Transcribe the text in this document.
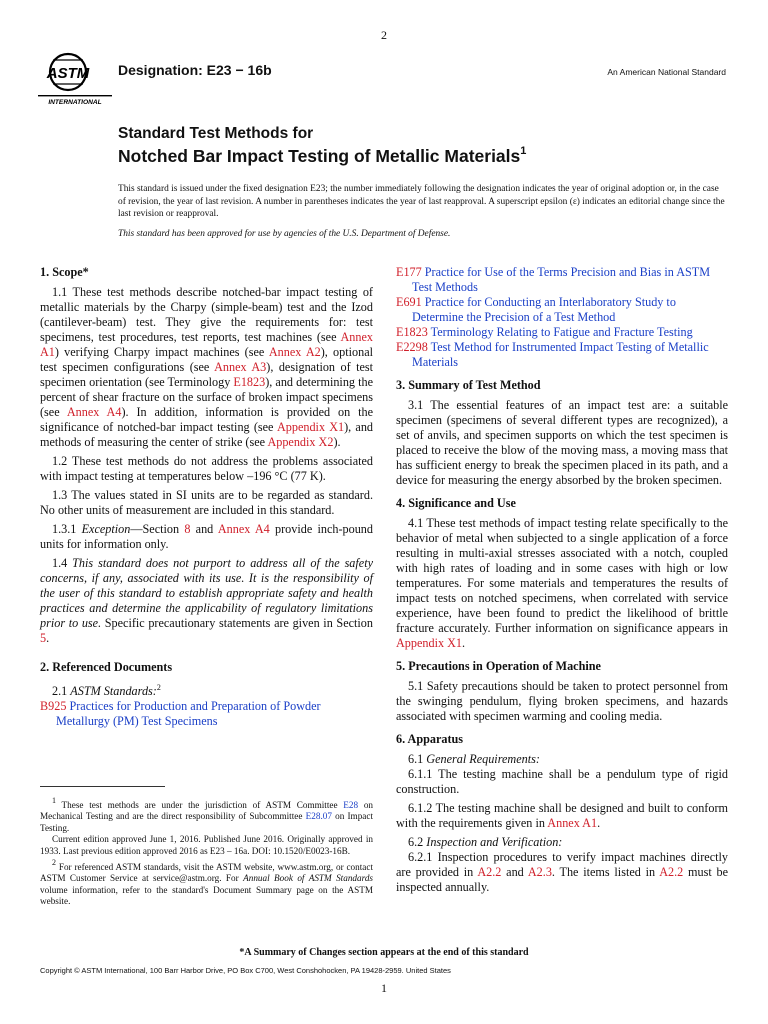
2
ASTM
INTERNATIONAL
Designation: E23 − 16b	An American National Standard
Standard Test Methods for
Notched Bar Impact Testing of Metallic Materials$^1$
This standard is issued under the fixed designation E23; the number immediately following the designation indicates the year of original adoption or, in the case of revision, the year of last revision. A number in parentheses indicates the year of last reapproval. A superscript epsilon (ε) indicates an editorial change since the last revision or reapproval.
This standard has been approved for use by agencies of the U.S. Department of Defense.
1. Scope*

1.1 These test methods describe notched-bar impact testing of metallic materials by the Charpy (simple-beam) test and the Izod (cantilever-beam) test. They give the requirements for: test specimens, test procedures, test reports, test machines (see Annex A1) verifying Charpy impact machines (see Annex A2), optional test specimen configurations (see Annex A3), designation of test specimen orientation (see Terminology E1823), and determining the percent of shear fracture on the surface of broken impact specimens (see Annex A4). In addition, information is provided on the significance of notched-bar impact testing (see Appendix X1), and methods of measuring the center of strike (see Appendix X2).

1.2 These test methods do not address the problems associated with impact testing at temperatures below –196 °C (77 K).

1.3 The values stated in SI units are to be regarded as standard. No other units of measurement are included in this standard.

1.3.1 Exception—Section 8 and Annex A4 provide inch-pound units for information only.

1.4 This standard does not purport to address all of the safety concerns, if any, associated with its use. It is the responsibility of the user of this standard to establish appropriate safety and health practices and determine the applicability of regulatory limitations prior to use. Specific precautionary statements are given in Section 5.

2. Referenced Documents

2.1 ASTM Standards:$^2$

B925 Practices for Production and Preparation of Powder Metallurgy (PM) Test Specimens

E177 Practice for Use of the Terms Precision and Bias in ASTM Test Methods

E691 Practice for Conducting an Interlaboratory Study to Determine the Precision of a Test Method

E1823 Terminology Relating to Fatigue and Fracture Testing

E2298 Test Method for Instrumented Impact Testing of Metallic Materials

3. Summary of Test Method

3.1 The essential features of an impact test are: a suitable specimen (specimens of several different types are recognized), a set of anvils, and specimen supports on which the test specimen is placed to receive the blow of the moving mass, a moving mass that has sufficient energy to break the specimen placed in its path, and a device for measuring the energy absorbed by the broken specimen.

4. Significance and Use

4.1 These test methods of impact testing relate specifically to the behavior of metal when subjected to a single application of a force resulting in multi-axial stresses associated with a notch, coupled with high rates of loading and in some cases with high or low temperatures. For some materials and temperatures the results of impact tests on notched specimens, when correlated with service experience, have been found to predict the likelihood of brittle fracture accurately. Further information on significance appears in Appendix X1.

5. Precautions in Operation of Machine

5.1 Safety precautions should be taken to protect personnel from the swinging pendulum, flying broken specimens, and hazards associated with specimen warming and cooling media.

6. Apparatus

6.1 General Requirements:

6.1.1 The testing machine shall be a pendulum type of rigid construction.

6.1.2 The testing machine shall be designed and built to conform with the requirements given in Annex A1.

6.2 Inspection and Verification:

6.2.1 Inspection procedures to verify impact machines directly are provided in A2.2 and A2.3. The items listed in A2.2 must be inspected annually.

1 These test methods are under the jurisdiction of ASTM Committee E28 on Mechanical Testing and are the direct responsibility of Subcommittee E28.07 on Impact Testing.

Current edition approved June 1, 2016. Published June 2016. Originally approved in 1933. Last previous edition approved 2016 as E23 – 16a. DOI: 10.1520/E0023-16B.

2 For referenced ASTM standards, visit the ASTM website, www.astm.org, or contact ASTM Customer Service at service@astm.org. For Annual Book of ASTM Standards volume information, refer to the standard's Document Summary page on the ASTM website.

*A Summary of Changes section appears at the end of this standard
Copyright © ASTM International, 100 Barr Harbor Drive, PO Box C700, West Conshohocken, PA 19428-2959. United States
1
